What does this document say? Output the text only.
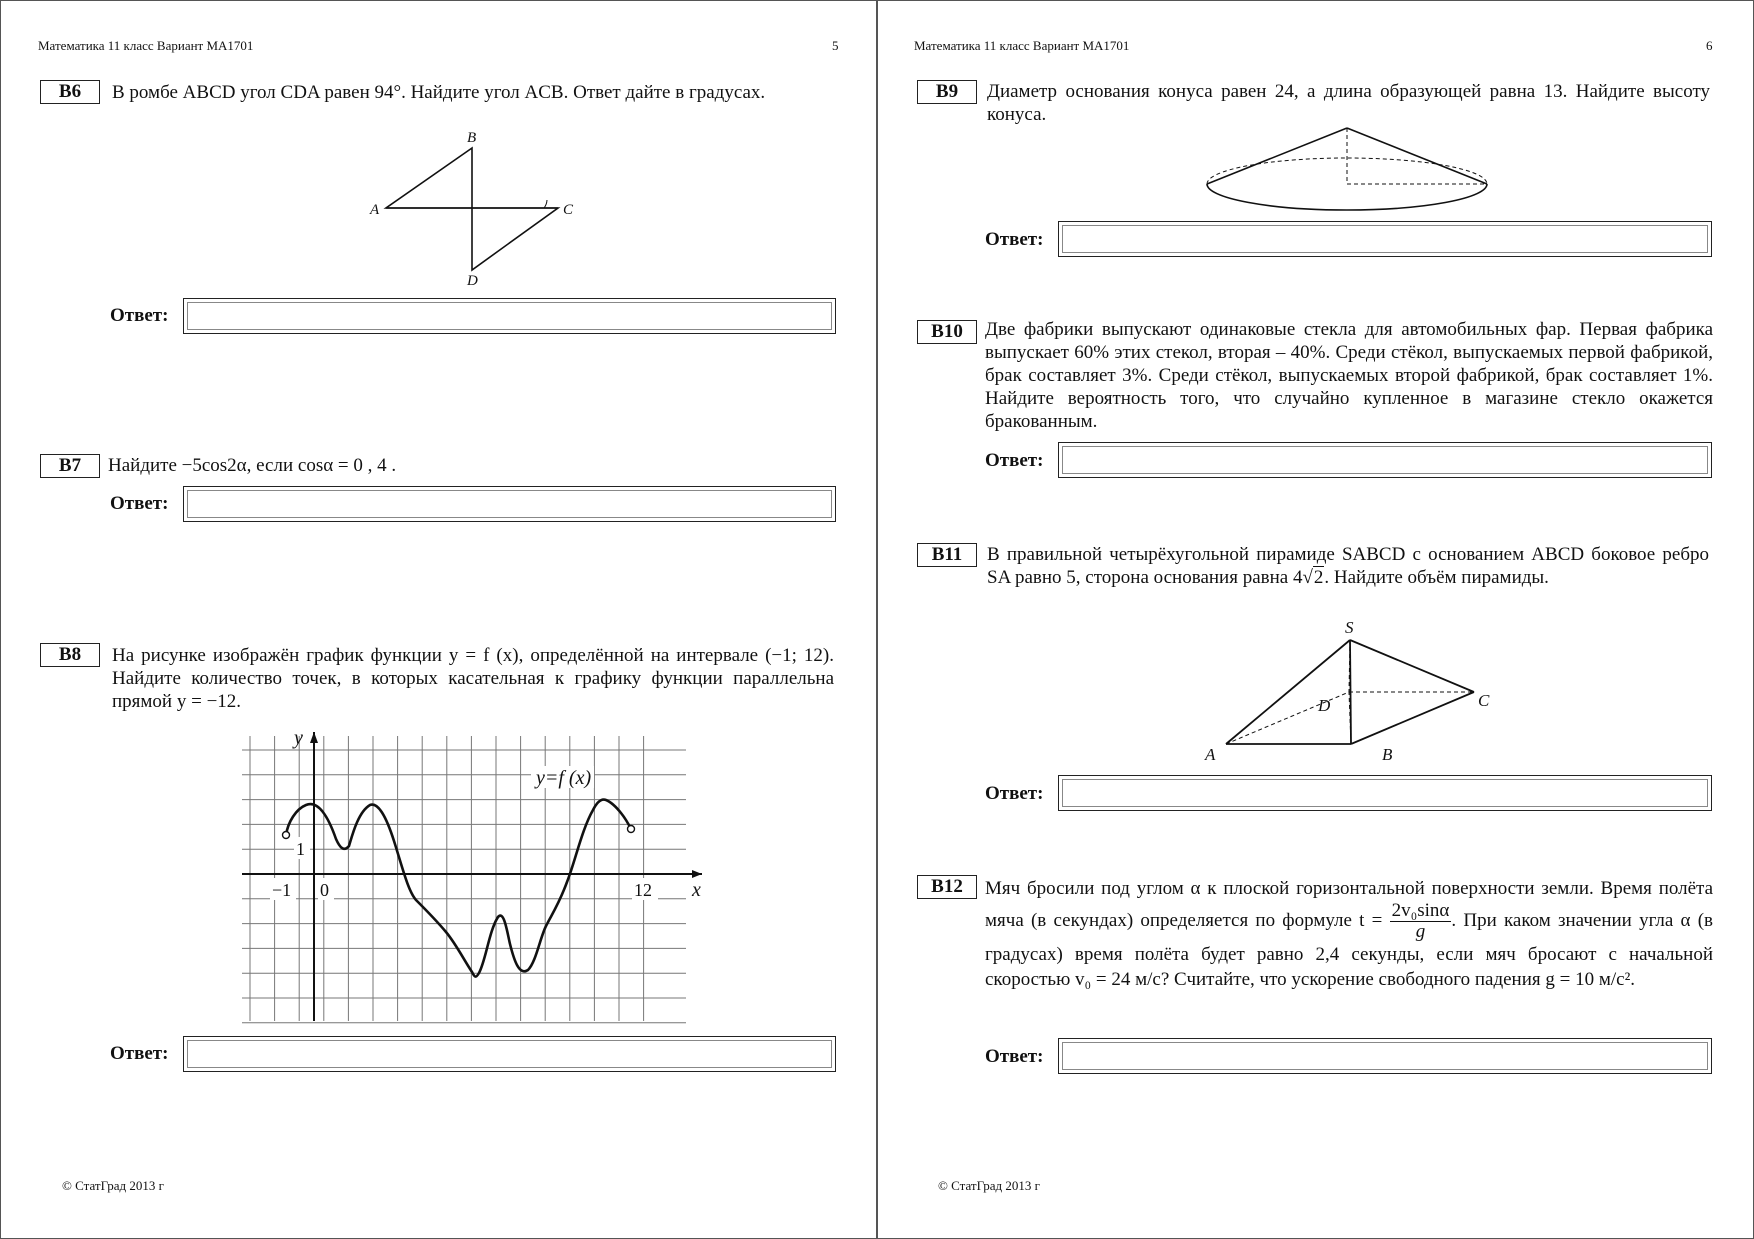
Математика 11 класс Вариант МА1701	5
B6	В ромбе ABCD угол CDA равен 94°. Найдите угол ACB. Ответ дайте в градусах.
B
A	C
D
Ответ:
B7	Найдите −5cos2α, если cosα = 0 , 4 .
Ответ:
B8	На рисунке изображён график функции y = f (x), определённой на интервале (−1; 12). Найдите количество точек, в которых касательная к графику функции параллельна прямой y = −12.
y=f (x)
y
x
−1 0	12
1
Ответ:
© СтатГрад 2013 г
Математика 11 класс Вариант МА1701	6
B9	Диаметр основания конуса равен 24, а длина образующей равна 13. Найдите высоту конуса.
Ответ:
B10	Две фабрики выпускают одинаковые стекла для автомобильных фар. Первая фабрика выпускает 60% этих стекол, вторая – 40%. Среди стёкол, выпускаемых первой фабрикой, брак составляет 3%. Среди стёкол, выпускаемых второй фабрикой, брак составляет 1%. Найдите вероятность того, что случайно купленное в магазине стекло окажется бракованным.
Ответ:
B11	В правильной четырёхугольной пирамиде SABCD с основанием ABCD боковое ребро SA равно 5, сторона основания равна 4√2. Найдите объём пирамиды.
S
D	C
A	B
Ответ:
B12	Мяч бросили под углом α к плоской горизонтальной поверхности земли. Время полёта мяча (в секундах) определяется по формуле $t = \frac{\text{2v₀sinα}}{g}$ . При каком значении угла α (в градусах) время полёта будет равно 2,4 секунды, если мяч бросают с начальной скоростью v₀ = 24 м/с? Считайте, что ускорение свободного падения g = 10 м/с².
Ответ:
© СтатГрад 2013 г
